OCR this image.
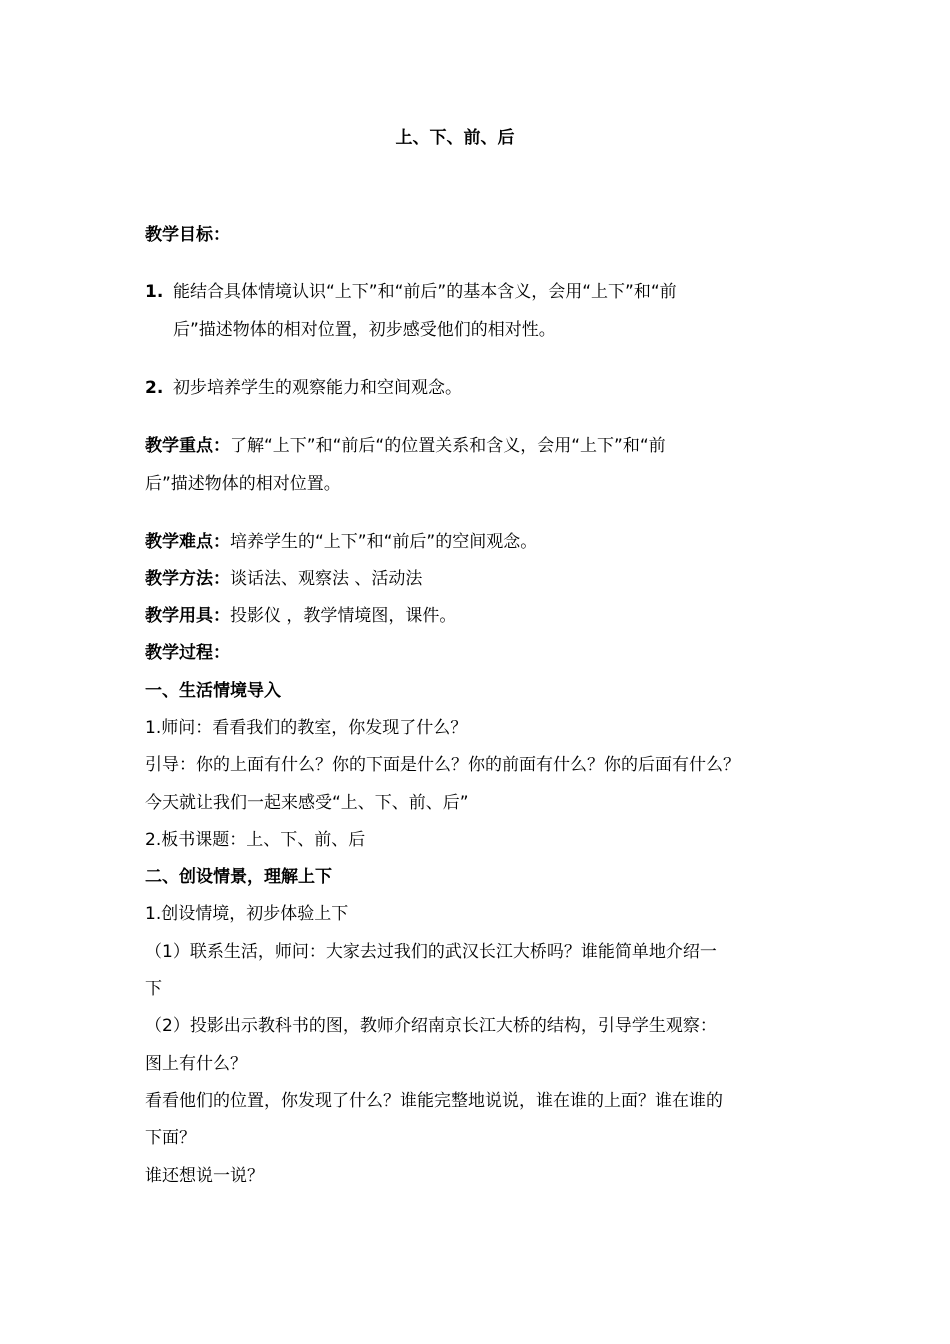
上、下、前、后
教学目标：
1. 能结合具体情境认识“上下”和“前后”的基本含义，会用“上下”和“前
后”描述物体的相对位置，初步感受他们的相对性。
2. 初步培养学生的观察能力和空间观念。
教学重点：了解“上下”和“前后“的位置关系和含义，会用“上下”和“前
后”描述物体的相对位置。
教学难点：培养学生的“上下”和“前后”的空间观念。
教学方法：谈话法、观察法 、活动法
教学用具：投影仪 ，教学情境图，课件。
教学过程：
一、生活情境导入
1.师问：看看我们的教室，你发现了什么？
引导：你的上面有什么？你的下面是什么？你的前面有什么？你的后面有什么？
今天就让我们一起来感受“上、下、前、后”
2.板书课题：上、下、前、后
二、创设情景，理解上下
1.创设情境，初步体验上下
（1）联系生活，师问：大家去过我们的武汉长江大桥吗？谁能简单地介绍一
下
（2）投影出示教科书的图，教师介绍南京长江大桥的结构，引导学生观察：
图上有什么？
看看他们的位置，你发现了什么？谁能完整地说说，谁在谁的上面？谁在谁的
下面？
谁还想说一说？
